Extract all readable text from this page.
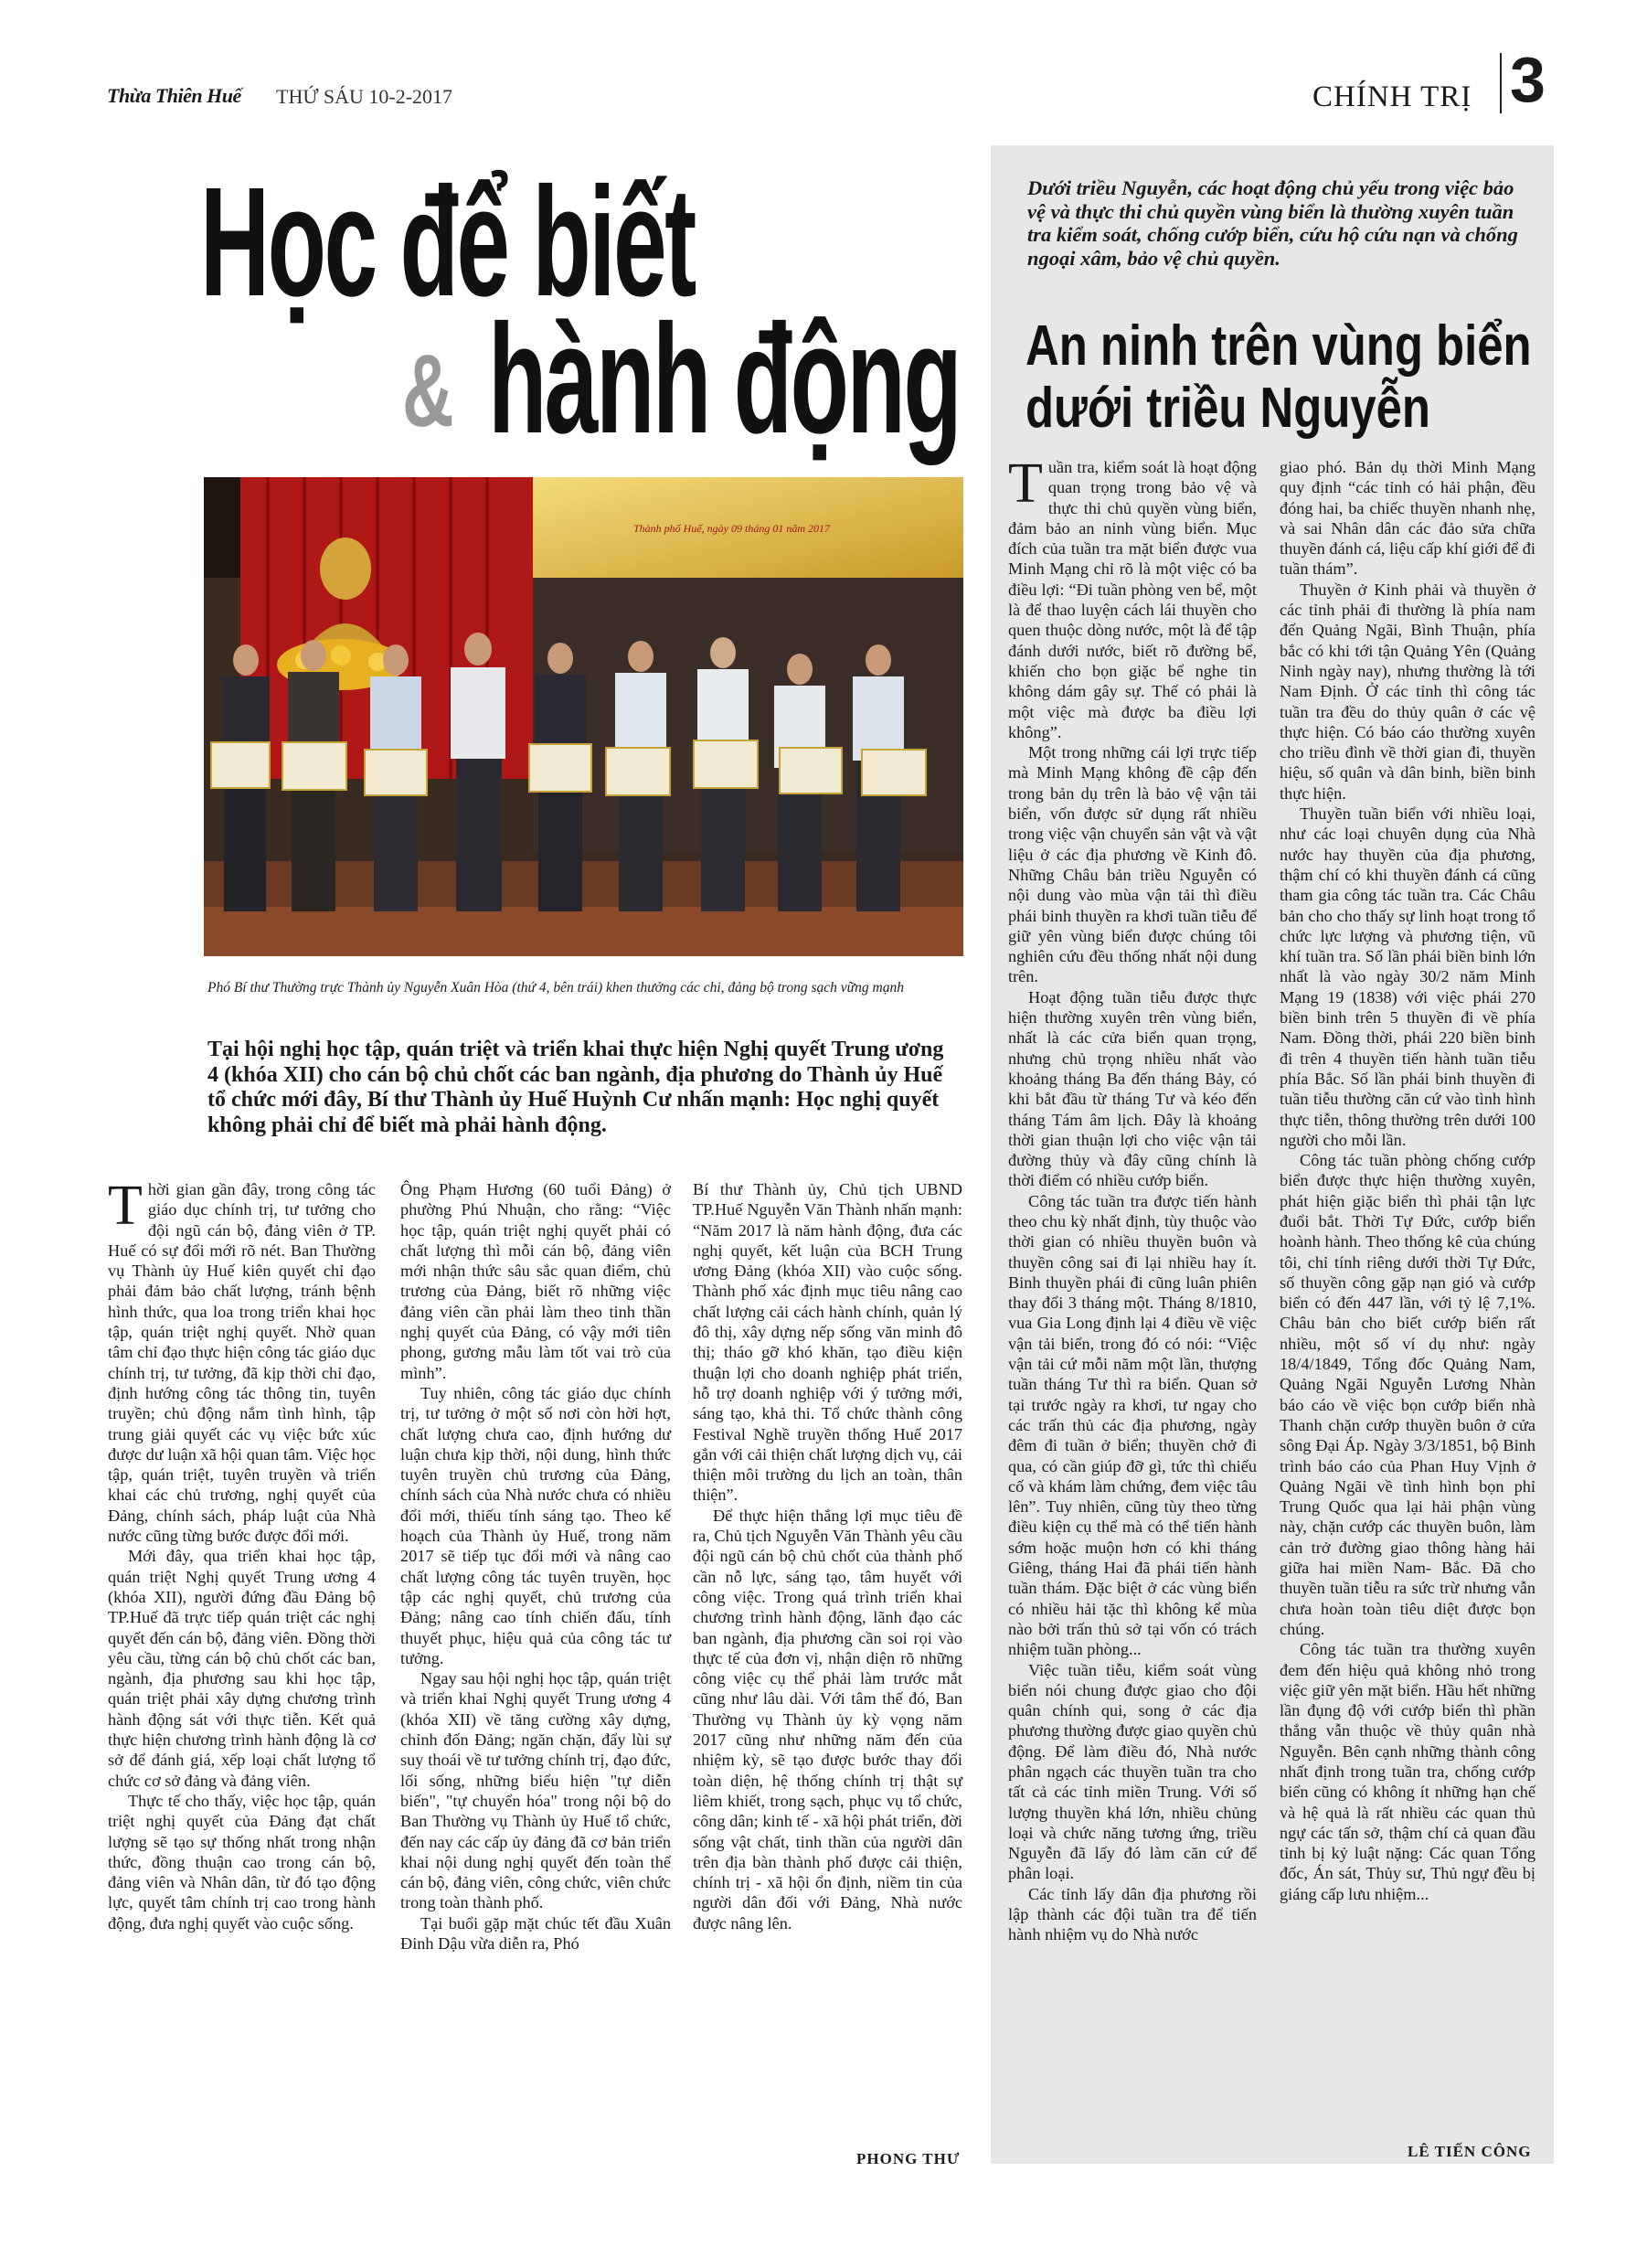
Thừa Thiên Huế THỨ SÁU 10-2-2017	CHÍNH TRỊ 3
Học để biết
& hành động
Thành phố Huế, ngày 09 tháng 01 năm 2017
Phó Bí thư Thường trực Thành ủy Nguyễn Xuân Hòa (thứ 4, bên trái) khen thưởng các chi, đảng bộ trong sạch vững mạnh
Tại hội nghị học tập, quán triệt và triển khai thực hiện Nghị quyết Trung ương 4 (khóa XII) cho cán bộ chủ chốt các ban ngành, địa phương do Thành ủy Huế tổ chức mới đây, Bí thư Thành ủy Huế Huỳnh Cư nhấn mạnh: Học nghị quyết không phải chỉ để biết mà phải hành động.

Thời gian gần đây, trong công tác giáo dục chính trị, tư tưởng cho đội ngũ cán bộ, đảng viên ở TP. Huế có sự đổi mới rõ nét. Ban Thường vụ Thành ủy Huế kiên quyết chỉ đạo phải đảm bảo chất lượng, tránh bệnh hình thức, qua loa trong triển khai học tập, quán triệt nghị quyết. Nhờ quan tâm chỉ đạo thực hiện công tác giáo dục chính trị, tư tưởng, đã kịp thời chỉ đạo, định hướng công tác thông tin, tuyên truyền; chủ động nắm tình hình, tập trung giải quyết các vụ việc bức xúc được dư luận xã hội quan tâm. Việc học tập, quán triệt, tuyên truyền và triển khai các chủ trương, nghị quyết của Đảng, chính sách, pháp luật của Nhà nước cũng từng bước được đổi mới.

Mới đây, qua triển khai học tập, quán triệt Nghị quyết Trung ương 4 (khóa XII), người đứng đầu Đảng bộ TP.Huế đã trực tiếp quán triệt các nghị quyết đến cán bộ, đảng viên. Đồng thời yêu cầu, từng cán bộ chủ chốt các ban, ngành, địa phương sau khi học tập, quán triệt phải xây dựng chương trình hành động sát với thực tiễn. Kết quả thực hiện chương trình hành động là cơ sở để đánh giá, xếp loại chất lượng tổ chức cơ sở đảng và đảng viên.

Thực tế cho thấy, việc học tập, quán triệt nghị quyết của Đảng đạt chất lượng sẽ tạo sự thống nhất trong nhận thức, đồng thuận cao trong cán bộ, đảng viên và Nhân dân, từ đó tạo động lực, quyết tâm chính trị cao trong hành động, đưa nghị quyết vào cuộc sống.

Ông Phạm Hương (60 tuổi Đảng) ở phường Phú Nhuận, cho rằng: “Việc học tập, quán triệt nghị quyết phải có chất lượng thì mỗi cán bộ, đảng viên mới nhận thức sâu sắc quan điểm, chủ trương của Đảng, biết rõ những việc đảng viên cần phải làm theo tinh thần nghị quyết của Đảng, có vậy mới tiên phong, gương mẫu làm tốt vai trò của mình”.

Tuy nhiên, công tác giáo dục chính trị, tư tưởng ở một số nơi còn hời hợt, chất lượng chưa cao, định hướng dư luận chưa kịp thời, nội dung, hình thức tuyên truyền chủ trương của Đảng, chính sách của Nhà nước chưa có nhiều đổi mới, thiếu tính sáng tạo. Theo kế hoạch của Thành ủy Huế, trong năm 2017 sẽ tiếp tục đổi mới và nâng cao chất lượng công tác tuyên truyền, học tập các nghị quyết, chủ trương của Đảng; nâng cao tính chiến đấu, tính thuyết phục, hiệu quả của công tác tư tưởng.

Ngay sau hội nghị học tập, quán triệt và triển khai Nghị quyết Trung ương 4 (khóa XII) về tăng cường xây dựng, chỉnh đốn Đảng; ngăn chặn, đẩy lùi sự suy thoái về tư tưởng chính trị, đạo đức, lối sống, những biểu hiện "tự diễn biến", "tự chuyển hóa" trong nội bộ do Ban Thường vụ Thành ủy Huế tổ chức, đến nay các cấp ủy đảng đã cơ bản triển khai nội dung nghị quyết đến toàn thể cán bộ, đảng viên, công chức, viên chức trong toàn thành phố.

Tại buổi gặp mặt chúc tết đầu Xuân Đinh Dậu vừa diễn ra, Phó

Bí thư Thành ủy, Chủ tịch UBND TP.Huế Nguyễn Văn Thành nhấn mạnh: “Năm 2017 là năm hành động, đưa các nghị quyết, kết luận của BCH Trung ương Đảng (khóa XII) vào cuộc sống. Thành phố xác định mục tiêu nâng cao chất lượng cải cách hành chính, quản lý đô thị, xây dựng nếp sống văn minh đô thị; tháo gỡ khó khăn, tạo điều kiện thuận lợi cho doanh nghiệp phát triển, hỗ trợ doanh nghiệp với ý tưởng mới, sáng tạo, khả thi. Tổ chức thành công Festival Nghề truyền thống Huế 2017 gắn với cải thiện chất lượng dịch vụ, cải thiện môi trường du lịch an toàn, thân thiện”.

Để thực hiện thắng lợi mục tiêu đề ra, Chủ tịch Nguyễn Văn Thành yêu cầu đội ngũ cán bộ chủ chốt của thành phố cần nỗ lực, sáng tạo, tâm huyết với công việc. Trong quá trình triển khai chương trình hành động, lãnh đạo các ban ngành, địa phương cần soi rọi vào thực tế của đơn vị, nhận diện rõ những công việc cụ thể phải làm trước mắt cũng như lâu dài. Với tâm thế đó, Ban Thường vụ Thành ủy kỳ vọng năm 2017 cũng như những năm đến của nhiệm kỳ, sẽ tạo được bước thay đổi toàn diện, hệ thống chính trị thật sự liêm khiết, trong sạch, phục vụ tổ chức, công dân; kinh tế - xã hội phát triển, đời sống vật chất, tinh thần của người dân trên địa bàn thành phố được cải thiện, chính trị - xã hội ổn định, niềm tin của người dân đối với Đảng, Nhà nước được nâng lên.

PHONG THƯ
Dưới triều Nguyễn, các hoạt động chủ yếu trong việc bảo vệ và thực thi chủ quyền vùng biển là thường xuyên tuần tra kiểm soát, chống cướp biển, cứu hộ cứu nạn và chống ngoại xâm, bảo vệ chủ quyền.
An ninh trên vùng biển
dưới triều Nguyễn

Tuần tra, kiểm soát là hoạt động quan trọng trong bảo vệ và thực thi chủ quyền vùng biển, đảm bảo an ninh vùng biển. Mục đích của tuần tra mặt biển được vua Minh Mạng chỉ rõ là một việc có ba điều lợi: “Đi tuần phòng ven bể, một là để thao luyện cách lái thuyền cho quen thuộc dòng nước, một là để tập đánh dưới nước, biết rõ đường bể, khiến cho bọn giặc bể nghe tin không dám gây sự. Thế có phải là một việc mà được ba điều lợi không”.

Một trong những cái lợi trực tiếp mà Minh Mạng không đề cập đến trong bản dụ trên là bảo vệ vận tải biển, vốn được sử dụng rất nhiều trong việc vận chuyển sản vật và vật liệu ở các địa phương về Kinh đô. Những Châu bản triều Nguyễn có nội dung vào mùa vận tải thì điều phái binh thuyền ra khơi tuần tiễu để giữ yên vùng biển được chúng tôi nghiên cứu đều thống nhất nội dung trên.

Hoạt động tuần tiễu được thực hiện thường xuyên trên vùng biển, nhất là các cửa biển quan trọng, nhưng chủ trọng nhiều nhất vào khoảng tháng Ba đến tháng Bảy, có khi bắt đầu từ tháng Tư và kéo đến tháng Tám âm lịch. Đây là khoảng thời gian thuận lợi cho việc vận tải đường thủy và đây cũng chính là thời điểm có nhiều cướp biển.

Công tác tuần tra được tiến hành theo chu kỳ nhất định, tùy thuộc vào thời gian có nhiều thuyền buôn và thuyền công sai đi lại nhiều hay ít. Binh thuyền phái đi cũng luân phiên thay đổi 3 tháng một. Tháng 8/1810, vua Gia Long định lại 4 điều về việc vận tải biển, trong đó có nói: “Việc vận tải cứ mỗi năm một lần, thượng tuần tháng Tư thì ra biển. Quan sở tại trước ngày ra khơi, tư ngay cho các trấn thủ các địa phương, ngày đêm đi tuần ở biển; thuyền chở đi qua, có cần giúp đỡ gì, tức thì chiếu cố và khám làm chứng, đem việc tâu lên”. Tuy nhiên, cũng tùy theo từng điều kiện cụ thể mà có thể tiến hành sớm hoặc muộn hơn có khi tháng Giêng, tháng Hai đã phái tiến hành tuần thám. Đặc biệt ở các vùng biển có nhiều hải tặc thì không kể mùa nào bởi trấn thủ sở tại vốn có trách nhiệm tuần phòng...

Việc tuần tiễu, kiểm soát vùng biển nói chung được giao cho đội quân chính qui, song ở các địa phương thường được giao quyền chủ động. Để làm điều đó, Nhà nước phân ngạch các thuyền tuần tra cho tất cả các tỉnh miền Trung. Với số lượng thuyền khá lớn, nhiều chủng loại và chức năng tương ứng, triều Nguyễn đã lấy đó làm căn cứ để phân loại.

Các tỉnh lấy dân địa phương rồi lập thành các đội tuần tra để tiến hành nhiệm vụ do Nhà nước

giao phó. Bản dụ thời Minh Mạng quy định “các tỉnh có hải phận, đều đóng hai, ba chiếc thuyền nhanh nhẹ, và sai Nhân dân các đảo sửa chữa thuyền đánh cá, liệu cấp khí giới để đi tuần thám”.

Thuyền ở Kinh phải và thuyền ở các tỉnh phải đi thường là phía nam đến Quảng Ngãi, Bình Thuận, phía bắc có khi tới tận Quảng Yên (Quảng Ninh ngày nay), nhưng thường là tới Nam Định. Ở các tỉnh thì công tác tuần tra đều do thủy quân ở các vệ thực hiện. Có báo cáo thường xuyên cho triều đình về thời gian đi, thuyền hiệu, số quân và dân binh, biền binh thực hiện.

Thuyền tuần biển với nhiều loại, như các loại chuyên dụng của Nhà nước hay thuyền của địa phương, thậm chí có khi thuyền đánh cá cũng tham gia công tác tuần tra. Các Châu bản cho cho thấy sự linh hoạt trong tổ chức lực lượng và phương tiện, vũ khí tuần tra. Số lần phái biền binh lớn nhất là vào ngày 30/2 năm Minh Mạng 19 (1838) với việc phái 270 biền binh trên 5 thuyền đi về phía Nam. Đồng thời, phái 220 biền binh đi trên 4 thuyền tiến hành tuần tiễu phía Bắc. Số lần phái binh thuyền đi tuần tiễu thường căn cứ vào tình hình thực tiễn, thông thường trên dưới 100 người cho mỗi lần.

Công tác tuần phòng chống cướp biển được thực hiện thường xuyên, phát hiện giặc biển thì phải tận lực đuổi bắt. Thời Tự Đức, cướp biển hoành hành. Theo thống kê của chúng tôi, chỉ tính riêng dưới thời Tự Đức, số thuyền công gặp nạn gió và cướp biển có đến 447 lần, với tỷ lệ 7,1%. Châu bản cho biết cướp biển rất nhiều, một số ví dụ như: ngày 18/4/1849, Tổng đốc Quảng Nam, Quảng Ngãi Nguyễn Lương Nhàn báo cáo về việc bọn cướp biển nhà Thanh chặn cướp thuyền buôn ở cửa sông Đại Áp. Ngày 3/3/1851, bộ Binh trình báo cáo của Phan Huy Vịnh ở Quảng Ngãi về tình hình bọn phỉ Trung Quốc qua lại hải phận vùng này, chặn cướp các thuyền buôn, làm cản trở đường giao thông hàng hải giữa hai miền Nam- Bắc. Đã cho thuyền tuần tiễu ra sức trừ nhưng vẫn chưa hoàn toàn tiêu diệt được bọn chúng.

Công tác tuần tra thường xuyên đem đến hiệu quả không nhỏ trong việc giữ yên mặt biển. Hầu hết những lần đụng độ với cướp biển thì phần thắng vẫn thuộc về thủy quân nhà Nguyễn. Bên cạnh những thành công nhất định trong tuần tra, chống cướp biển cũng có không ít những hạn chế và hệ quả là rất nhiều các quan thủ ngự các tấn sở, thậm chí cả quan đầu tỉnh bị kỷ luật nặng: Các quan Tổng đốc, Án sát, Thủy sư, Thủ ngự đều bị giáng cấp lưu nhiệm...

LÊ TIẾN CÔNG
